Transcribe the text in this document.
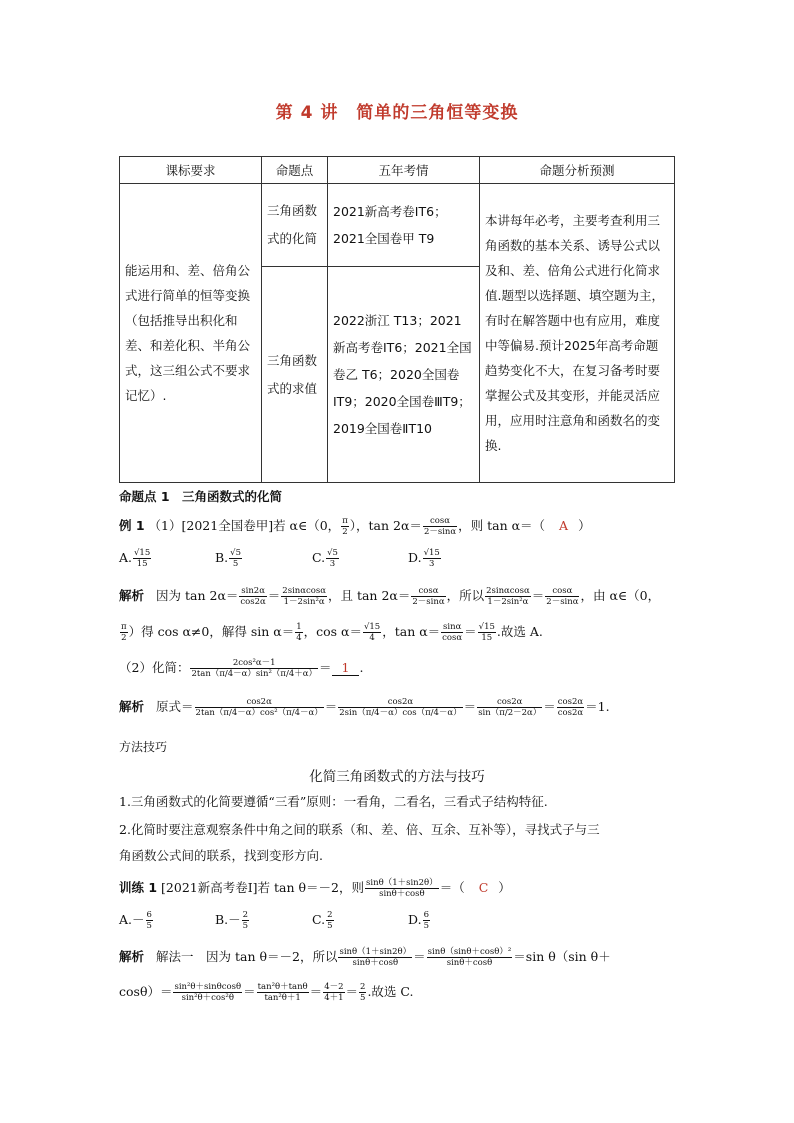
第 4 讲　简单的三角恒等变换
课标要求	命题点	五年考情	命题分析预测
能运用和、差、倍角公式进行简单的恒等变换（包括推导出积化和差、和差化积、半角公式，这三组公式不要求记忆）.	三角函数式的化简	2021新高考卷ⅠT6；2021全国卷甲 T9	本讲每年必考，主要考查利用三角函数的基本关系、诱导公式以及和、差、倍角公式进行化简求值.题型以选择题、填空题为主，有时在解答题中也有应用，难度中等偏易.预计2025年高考命题趋势变化不大，在复习备考时要掌握公式及其变形，并能灵活应用，应用时注意角和函数名的变换.
	三角函数式的求值	2022浙江 T13；2021新高考卷ⅠT6；2021全国卷乙 T6；2020全国卷ⅠT9；2020全国卷ⅢT9；2019全国卷ⅡT10	
命题点 1　三角函数式的化简
例 1 （1）[2021全国卷甲]若 α∈（0， $\frac{\pi}{2}$ ），$\tan 2\alpha= \frac{\cos\alpha}{2-\sin\alpha}$ ，则 tan α＝（ A ）
A. $\frac{√15}{15}$	B. $\frac{√5}{5}$	C. $\frac{√5}{3}$	D. $\frac{√15}{3}$
解析 因为 $\tan 2\alpha= \frac{\sin 2\alpha}{\cos 2\alpha} = \frac{2\sin\alpha\cos\alpha}{\text{1－2sin²α}}$ ，且 $\tan 2\alpha= \frac{\cos\alpha}{2-\sin\alpha}$ ，所以 $\frac{2\sin\alpha\cos\alpha}{\text{1－2sin²α}} = \frac{\cos\alpha}{2-\sin\alpha}$ ，由 α∈（0，
$\frac{\pi}{2}$ ）得 cos α≠0，解得 $\sin \alpha= \frac{1}{4}$ ，$\cos \alpha= \frac{√15}{4}$ ，$\tan \alpha= \frac{\sin\alpha}{\cos\alpha} = \frac{√15}{15}$ .故选 A.
（2）化简： $\frac{\text{2cos²α－1}}{\text{2tan（π/4－α）sin²（π/4＋α）}} = 1$ .
解析 原式＝ $\frac{\cos 2\alpha}{\text{2tan（π/4－α）cos²（π/4－α）}} = \frac{\cos 2\alpha}{2\sin(\pi/4-\alpha)\cos(\pi/4-\alpha)} = \frac{\cos 2\alpha}{\sin(\pi/2-2\alpha)} = \frac{\cos 2\alpha}{\cos 2\alpha} =1$.
方法技巧
化简三角函数式的方法与技巧
1.三角函数式的化简要遵循“三看”原则：一看角，二看名，三看式子结构特征.
2.化简时要注意观察条件中角之间的联系（和、差、倍、互余、互补等），寻找式子与三
角函数公式间的联系，找到变形方向.
训练 1 [2021新高考卷Ⅰ]若 tan θ＝－2，则 $\frac{\sin\theta(1+\sin 2\theta)}{\sin\theta+\cos\theta}$ ＝（ C ）
$A.- \frac{6}{5}$	$B.- \frac{2}{5}$	C. $\frac{2}{5}$	D. $\frac{6}{5}$
解析 解法一　因为 tan θ＝－2，所以 $\frac{\sin\theta(1+\sin 2\theta)}{\sin\theta+\cos\theta} = \frac{\text{sinθ（sinθ＋cosθ）²}}{\sin\theta+\cos\theta} =\sin$ θ（sin θ＋
$\cos\theta)= \frac{\text{sin²θ＋sinθcosθ}}{\text{sin²θ＋cos²θ}} = \frac{\text{tan²θ＋tanθ}}{\text{tan²θ＋1}} = \frac{4-2}{4+1} = \frac{2}{5}$ .故选 C.
